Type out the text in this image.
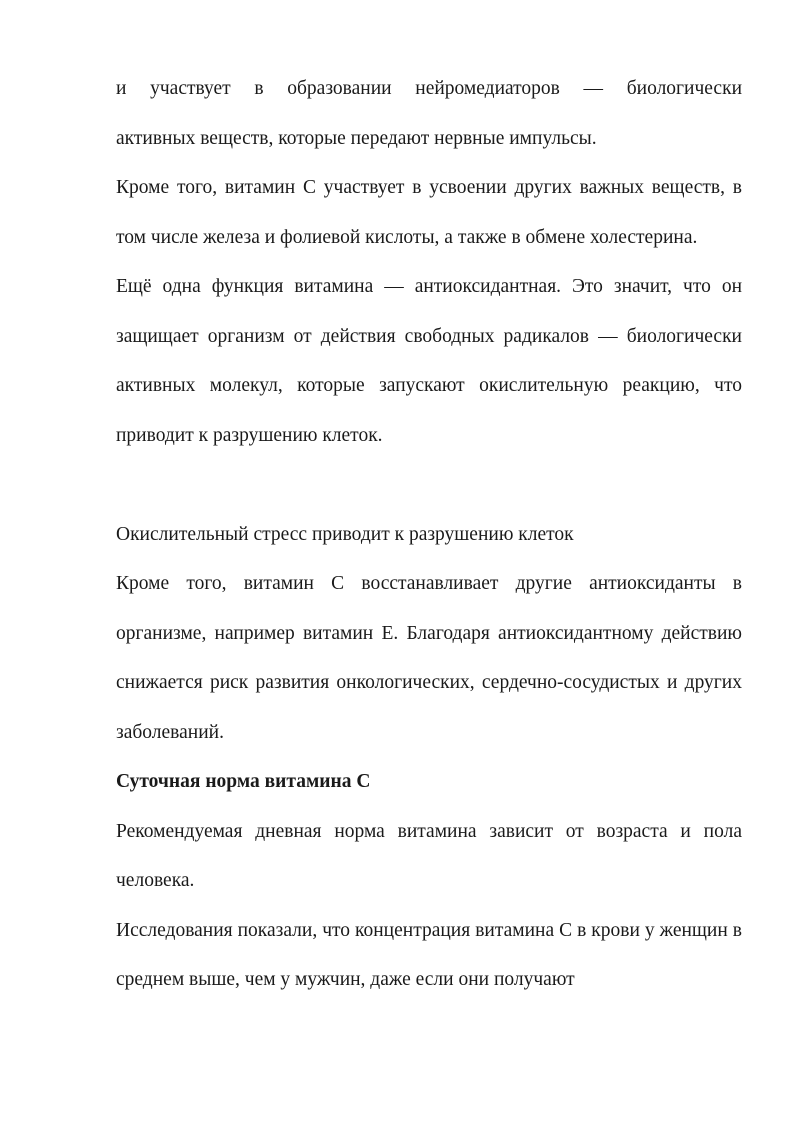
и участвует в образовании нейромедиаторов — биологически
активных веществ, которые передают нервные импульсы.

Кроме того, витамин C участвует в усвоении других важных веществ, в том числе железа и фолиевой кислоты, а также в обмене холестерина.

Ещё одна функция витамина — антиоксидантная. Это значит, что он защищает организм от действия свободных радикалов — биологически активных молекул, которые запускают окислительную реакцию, что приводит к разрушению клеток.

Окислительный стресс приводит к разрушению клеток

Кроме того, витамин C восстанавливает другие антиоксиданты в организме, например витамин E. Благодаря антиоксидантному действию снижается риск развития онкологических, сердечно-сосудистых и других заболеваний.

Суточная норма витамина C

Рекомендуемая дневная норма витамина зависит от возраста и пола человека.

Исследования показали, что концентрация витамина C в крови у женщин в среднем выше, чем у мужчин, даже если они получают
